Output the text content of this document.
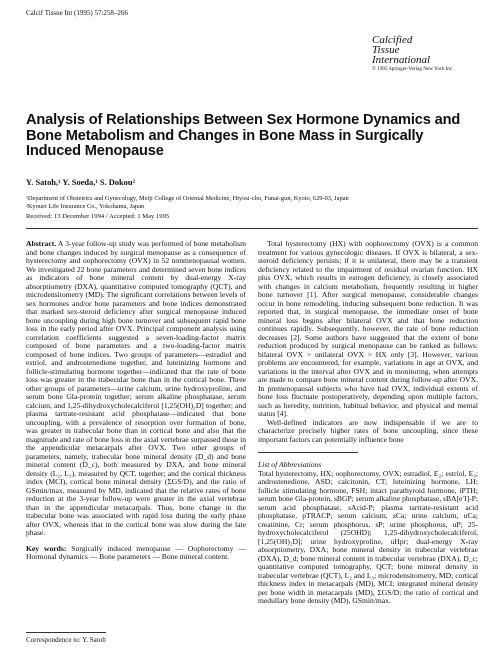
Calcif Tissue Int (1995) 57:258–266
Calcified
Tissue
International
© 1995 Springer-Verlag New York Inc.
Analysis of Relationships Between Sex Hormone Dynamics and Bone Metabolism and Changes in Bone Mass in Surgically Induced Menopause
Y. Satoh,¹ Y. Soeda,¹ S. Dokou²
¹Department of Obstetrics and Gynecology, Meiji College of Oriental Medicine, Hiyosi-cho, Funai-gun, Kyoto, 629-03, Japan
²Kyouei Life Insurance Co., Yokohama, Japan
Received: 13 December 1994 / Accepted: 1 May 1995

Abstract. A 3-year follow-up study was performed of bone metabolism and bone changes induced by surgical menopause as a consequence of hysterectomy and oophorectomy (OVX) in 52 nonmenopausal women. We investigated 22 bone parameters and determined seven bone indices as indicators of bone mineral content by dual-energy X-ray absorptiometry (DXA), quantitative computed tomography (QCT), and microdensitometry (MD). The significant correlations between levels of sex hormones and/or bone parameters and bone indices demonstrated that marked sex-steroid deficiency after surgical menopause induced bone uncoupling during high bone turnover and subsequent rapid bone loss in the early period after OVX. Principal component analysis using correlation coefficients suggested a seven-loading-factor matrix composed of bone parameters and a two-loading-factor matrix composed of bone indices. Two groups of parameters—estradiol and estriol, and androstenedione together, and luteinizing hormone and follicle-stimulating hormone together—indicated that the rate of bone loss was greater in the trabecular bone than in the cortical bone. Three other groups of parameters—urine calcium, urine hydroxyproline, and serum bone Gla-protein together; serum alkaline phosphatase, serum calcium, and 1,25-dihydroxycholecalciferol [1,25(OH)₂D] together; and plasma tartrate-resistant acid phosphatase—indicated that bone uncoupling, with a prevalence of resorption over formation of bone, was greater in trabecular bone than in cortical bone and also that the magnitude and rate of bone loss in the axial vertebrae surpassed those in the appendicular metacarpals after OVX. Two other groups of parameters, namely, trabecular bone mineral density (D_d) and bone mineral content (D_c), both measured by DXA, and bone mineral density (L₂, L₃), measured by QCT, together; and the cortical thickness index (MCI), cortical bone mineral density (ΣGS/D), and the ratio of GSmin/max, measured by MD, indicated that the relative rates of bone reduction at the 3-year follow-up were greater in the axial vertebrae than in the appendicular metacarpals. Thus, bone change in the trabecular bone was associated with rapid loss during the early phase after OVX, whereas that in the cortical bone was slow during the late phase.

Key words: Surgically induced menopause — Oophorectomy — Hormonal dynamics — Bone parameters — Bone mineral content.

Total hysterectomy (HX) with oophorectomy (OVX) is a common treatment for various gynecologic diseases. If OVX is bilateral, a sex-steroid deficiency persists; if it is unilateral, there may be a transient deficiency related to the impairment of residual ovarian function. HX plus OVX, which results in estrogen deficiency, is closely associated with changes in calcium metabolism, frequently resulting in higher bone turnover [1]. After surgical menopause, considerable changes occur in bone remodeling, inducing subsequent bone reduction. It was reported that, in surgical menopause, the immediate onset of bone mineral loss begins after bilateral OVX and that bone reduction continues rapidly. Subsequently, however, the rate of bone reduction decreases [2]. Some authors have suggested that the extent of bone reduction produced by surgical menopause can be ranked as follows: bilateral OVX > unilateral OVX > HX only [3]. However, various problems are encountered, for example, variations in age at OVX, and variations in the interval after OVX and in monitoring, when attempts are made to compare bone mineral content during follow-up after OVX. In premenopausal subjects who have had OVX, individual extents of bone loss fluctuate postoperatively, depending upon multiple factors, such as heredity, nutrition, habitual behavior, and physical and mental status [4].

Well-defined indicators are now indispensable if we are to characterize precisely higher rates of bone uncoupling, since these important factors can potentially influence bone

List of Abbreviations

Total hysterectomy, HX; oophorectomy, OVX; estradiol, E₂; estriol, E₃; androstenedione, ASD; calcitonin, CT; luteinizing hormone, LH; follicle stimulating hormone, FSH; intact parathyroid hormone, iPTH; serum bone Gla-protein, sBGP; serum alkaline phosphatase, sBA[eʹI]-P; serum acid phosphatase, sAcid-P; plasma tartrate-resistant acid phosphatase, pTRACP; serum calcium, sCa; urine calcium, uCa; creatinine, Cr; serum phosphorus, sP; urine phosphorus, uP; 25-hydroxycholecalciferol (25OHD); 1,25-dihydroxycholecalciferol, [1,25(OH)₂D]; urine hydroxyproline, uHpr; dual-energy X-ray absorptiometry, DXA; bone mineral density in trabecular vertebrae (DXA), D_d; bone mineral content in trabecular vertebrae (DXA), D_c; quantitative computed tomography, QCT; bone mineral density in trabecular vertebrae (QCT), L₂ and L₃; microdensitometry, MD; cortical thickness index in metacarpals (MD), MCI; integrated mineral density per bone width in metacarpals (MD), ΣGS/D; the ratio of cortical and medullary bone density (MD), GSmin/max.

Correspondence to: Y. Satoh
